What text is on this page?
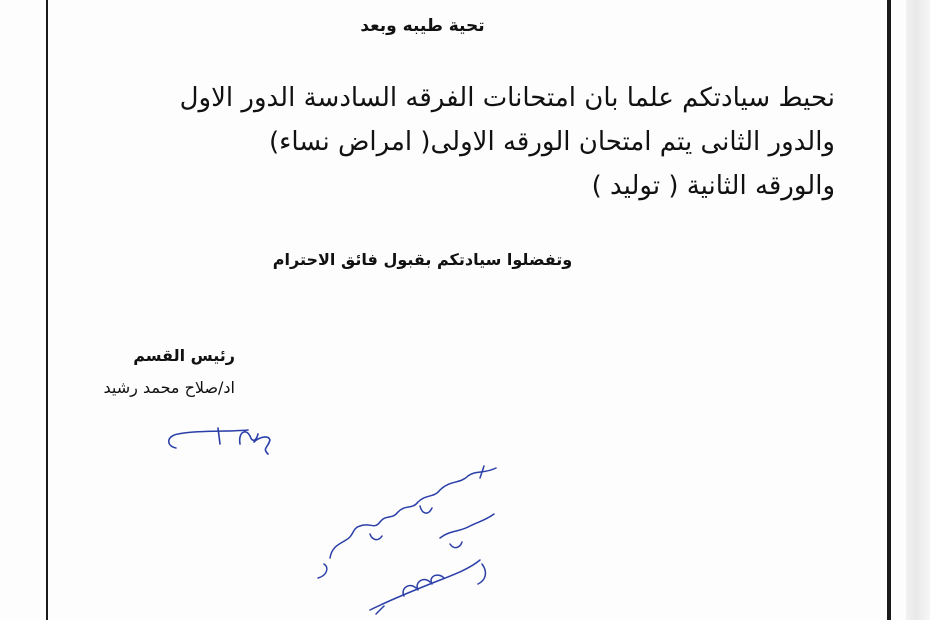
تحية طيبه وبعد
نحيط سيادتكم علما بان امتحانات الفرقه السادسة الدور الاول
والدور الثانى يتم امتحان الورقه الاولى( امراض نساء)
والورقه الثانية ( توليد )
وتفضلوا سيادتكم بقبول فائق الاحترام
رئيس القسم
اد/صلاح محمد رشيد
